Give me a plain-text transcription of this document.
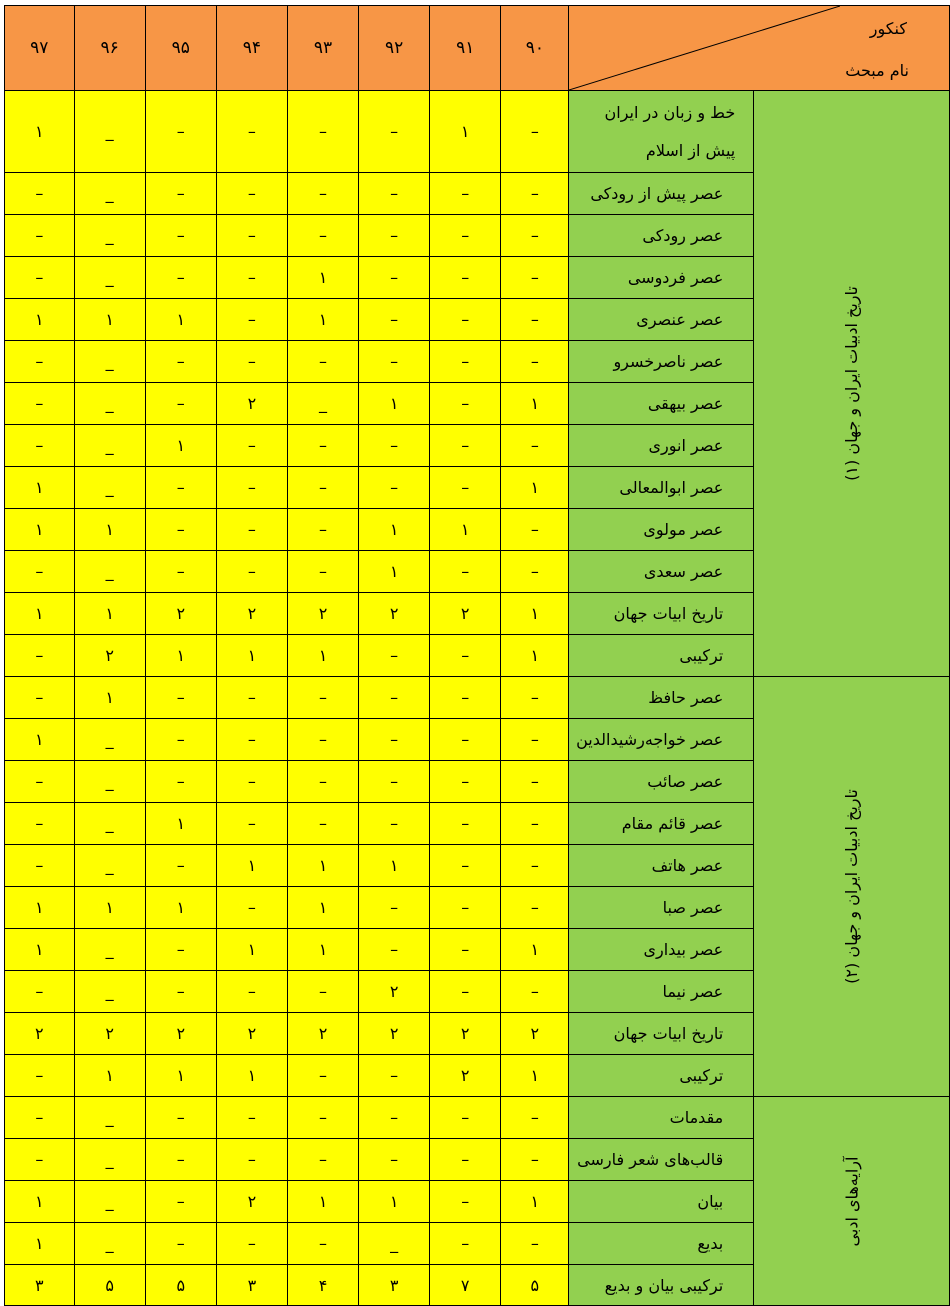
۹۷	۹۶	۹۵	۹۴	۹۳	۹۲	۹۱	۹۰	کنکور
نام مبحث	

۱	_	–	–	–	–	۱	–	خط و زبان در ایران پیش از اسلام	تاریخ ادبیات ایران و جهان (۱)
–	_	–	–	–	–	–	–	عصر پیش از رودکی	
–	_	–	–	–	–	–	–	عصر رودکی	
–	_	–	–	۱	–	–	–	عصر فردوسی	
۱	۱	۱	–	۱	–	–	–	عصر عنصری	
–	_	–	–	–	–	–	–	عصر ناصرخسرو	
–	_	–	۲	_	۱	–	۱	عصر بیهقی	
–	_	۱	–	–	–	–	–	عصر انوری	
۱	_	–	–	–	–	–	۱	عصر ابوالمعالی	
۱	۱	–	–	–	۱	۱	–	عصر مولوی	
–	_	–	–	–	۱	–	–	عصر سعدی	
۱	۱	۲	۲	۲	۲	۲	۱	تاریخ ابیات جهان	
–	۲	۱	۱	۱	–	–	۱	ترکیبی	
–	۱	–	–	–	–	–	–	عصر حافظ	تاریخ ادبیات ایران و جهان (۲)
۱	_	–	–	–	–	–	–	عصر خواجه‌رشیدالدین	
–	_	–	–	–	–	–	–	عصر صائب	
–	_	۱	–	–	–	–	–	عصر قائم مقام	
–	_	–	۱	۱	۱	–	–	عصر هاتف	
۱	۱	۱	–	۱	–	–	–	عصر صبا	
۱	_	–	۱	۱	–	–	۱	عصر بیداری	
–	_	–	–	–	۲	–	–	عصر نیما	
۲	۲	۲	۲	۲	۲	۲	۲	تاریخ ابیات جهان	
–	۱	۱	۱	–	–	۲	۱	ترکیبی	
–	_	–	–	–	–	–	–	مقدمات	آرایه‌های ادبی
–	_	–	–	–	–	–	–	قالب‌های شعر فارسی	
۱	_	–	۲	۱	۱	–	۱	بیان	
۱	_	–	–	–	_	–	–	بدیع	
۳	۵	۵	۳	۴	۳	۷	۵	ترکیبی بیان و بدیع	
